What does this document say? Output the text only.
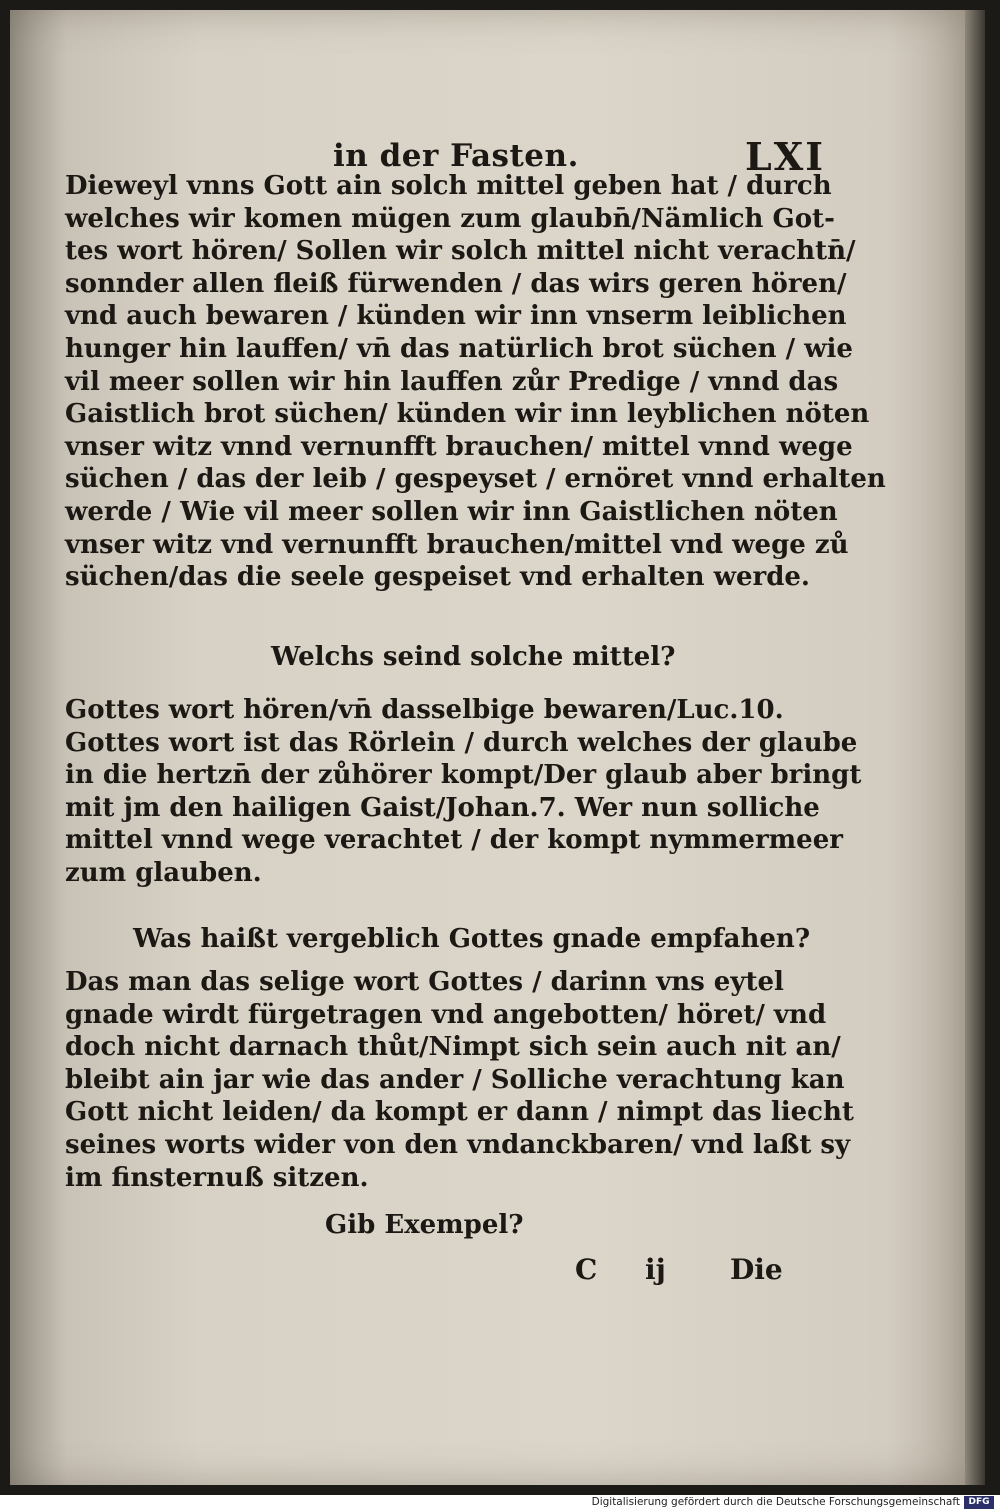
in der Fasten.	LXI
Dieweyl vnns Gott ain solch mittel geben hat / durch
welches wir komen mügen zum glaubn̄/Nämlich Got-
tes wort hören/ Sollen wir solch mittel nicht verachtn̄/
sonnder allen fleiß fürwenden / das wirs geren hören/
vnd auch bewaren / künden wir inn vnserm leiblichen
hunger hin lauffen/ vn̄ das natürlich brot süchen / wie
vil meer sollen wir hin lauffen zůr Predige / vnnd das
Gaistlich brot süchen/ künden wir inn leyblichen nöten
vnser witz vnnd vernunfft brauchen/ mittel vnnd wege
süchen / das der leib / gespeyset / ernöret vnnd erhalten
werde / Wie vil meer sollen wir inn Gaistlichen nöten
vnser witz vnd vernunfft brauchen/mittel vnd wege zů
süchen/das die seele gespeiset vnd erhalten werde.
Welchs seind solche mittel?
Gottes wort hören/vn̄ dasselbige bewaren/Luc.10.
Gottes wort ist das Rörlein / durch welches der glaube
in die hertzn̄ der zůhörer kompt/Der glaub aber bringt
mit jm den hailigen Gaist/Johan.7. Wer nun solliche
mittel vnnd wege verachtet / der kompt nymmermeer
zum glauben.
Was haißt vergeblich Gottes gnade empfahen?
Das man das selige wort Gottes / darinn vns eytel
gnade wirdt fürgetragen vnd angebotten/ höret/ vnd
doch nicht darnach thůt/Nimpt sich sein auch nit an/
bleibt ain jar wie das ander / Solliche verachtung kan
Gott nicht leiden/ da kompt er dann / nimpt das liecht
seines worts wider von den vndanckbaren/ vnd laßt sy
im finsternuß sitzen.
Gib Exempel?
C ij Die
Digitalisierung gefördert durch die Deutsche Forschungsgemeinschaft DFG
